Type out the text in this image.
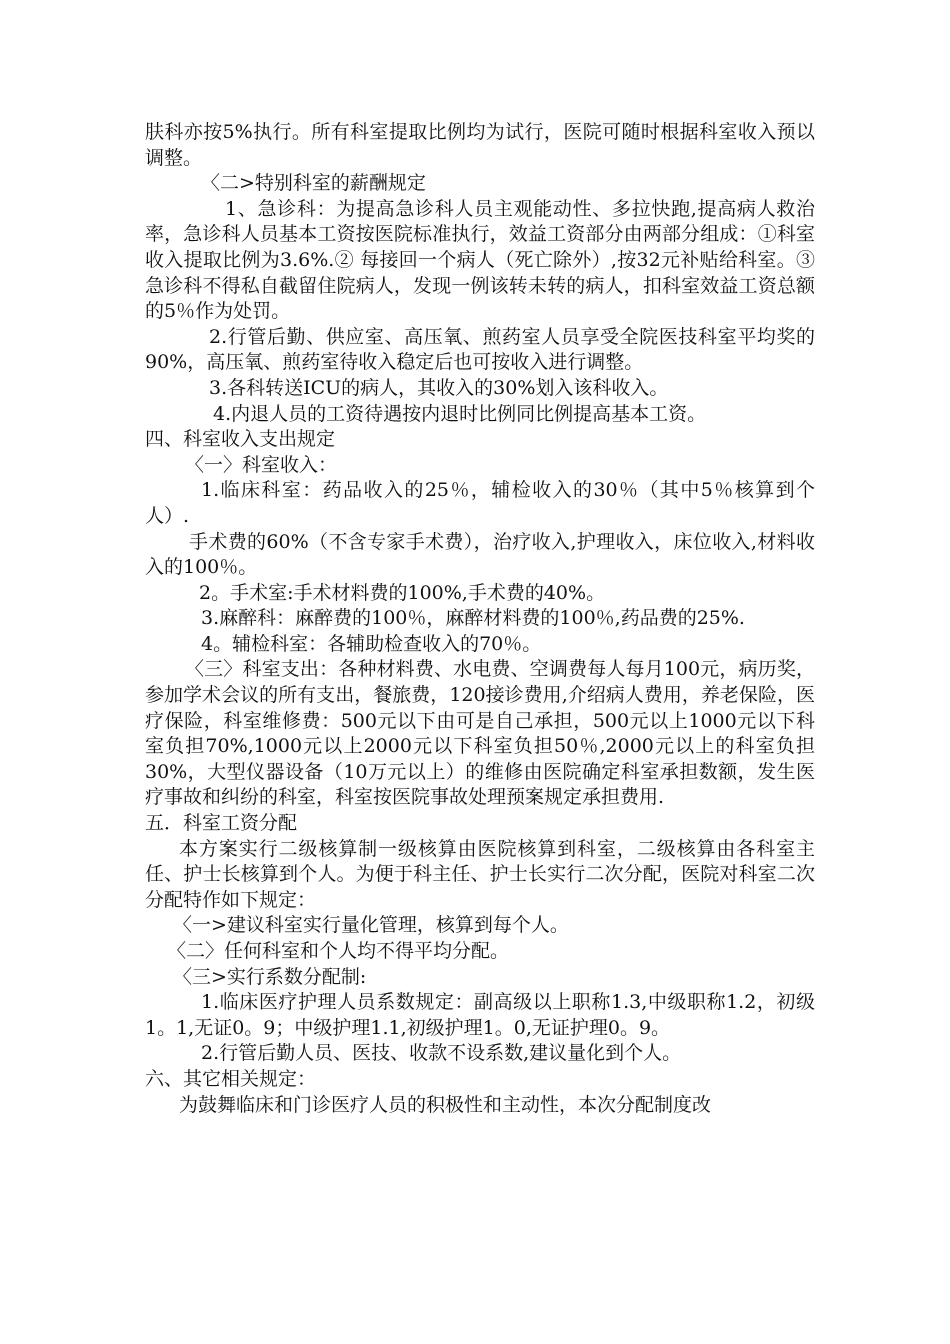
肤科亦按5%执行。所有科室提取比例均为试行，医院可随时根据科室收入预以调整。

〈二>特别科室的薪酬规定

1、急诊科：为提高急诊科人员主观能动性、多拉快跑,提高病人救治率，急诊科人员基本工资按医院标准执行，效益工资部分由两部分组成：①科室收入提取比例为3.6%.② 每接回一个病人（死亡除外）,按32元补贴给科室。③急诊科不得私自截留住院病人，发现一例该转未转的病人，扣科室效益工资总额的5％作为处罚。

2.行管后勤、供应室、高压氧、煎药室人员享受全院医技科室平均奖的90%，高压氧、煎药室待收入稳定后也可按收入进行调整。

3.各科转送ICU的病人，其收入的30%划入该科收入。

4.内退人员的工资待遇按内退时比例同比例提高基本工资。

四、科室收入支出规定

〈一〉科室收入：

1.临床科室：药品收入的25％，辅检收入的30％（其中5％核算到个人）.

手术费的60%（不含专家手术费），治疗收入,护理收入，床位收入,材料收入的100％。

2。手术室:手术材料费的100%,手术费的40%。

3.麻醉科：麻醉费的100％，麻醉材料费的100％,药品费的25%.

4。辅检科室：各辅助检查收入的70％。

〈三〉科室支出：各种材料费、水电费、空调费每人每月100元，病历奖，参加学术会议的所有支出，餐旅费，120接诊费用,介绍病人费用，养老保险，医疗保险，科室维修费：500元以下由可是自己承担，500元以上1000元以下科室负担70%,1000元以上2000元以下科室负担50％,2000元以上的科室负担30%，大型仪器设备（10万元以上）的维修由医院确定科室承担数额，发生医疗事故和纠纷的科室，科室按医院事故处理预案规定承担费用.

五．科室工资分配

本方案实行二级核算制一级核算由医院核算到科室，二级核算由各科室主任、护士长核算到个人。为便于科主任、护士长实行二次分配，医院对科室二次分配特作如下规定：

〈一>建议科室实行量化管理，核算到每个人。

〈二〉任何科室和个人均不得平均分配。

〈三>实行系数分配制:

1.临床医疗护理人员系数规定：副高级以上职称1.3,中级职称1.2，初级1。1,无证0。9；中级护理1.1,初级护理1。0,无证护理0。9。

2.行管后勤人员、医技、收款不设系数,建议量化到个人。

六、其它相关规定：

为鼓舞临床和门诊医疗人员的积极性和主动性，本次分配制度改
